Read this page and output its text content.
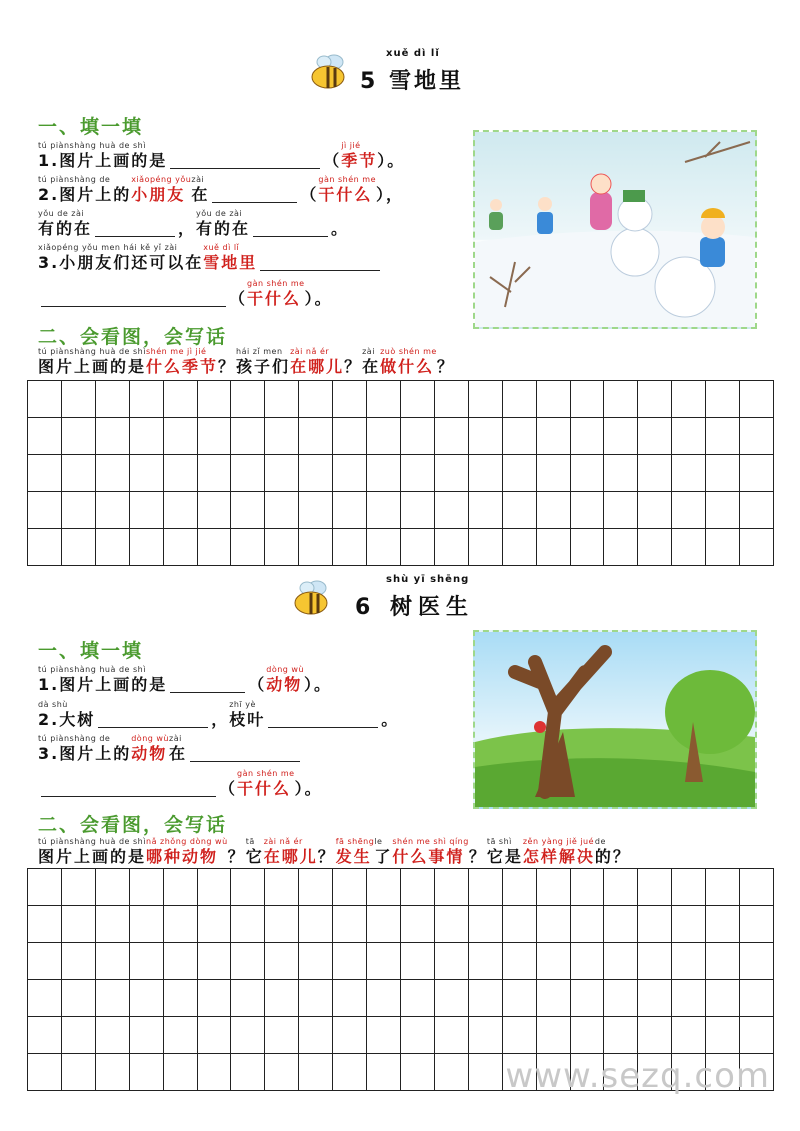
xuě dì lǐ
5 雪地里
一、填一填
tú piànshàng huà de shì
1.图片上画的是	（
jì jié
季节 ）。
tú piànshàng de
2.图片上的
xiǎopéng yǒu
小朋友
zài
在	（
gàn shén me
干什么 ），
yǒu de zài
有的在	，
yǒu de zài
有的在	。
xiǎopéng yǒu men hái kě yǐ zài
3.小朋友们还可以在
xuě dì lǐ
雪地里
（
gàn shén me
干什么 ）。
二、会看图，会写话
tú piànshàng huà de shì
图片上画的是
shén me jì jié
什么季节 ？
hái zǐ men
孩子们
zài nǎ ér
在哪儿 ？
zài
在
zuò shén me
做什么 ？
shù yī shēng
6 树医生
一、填一填
tú piànshàng huà de shì
1.图片上画的是	（
dòng wù
动物 ）。
dà shù
2.大树	，
zhī yè
枝叶	。
tú piànshàng de
3.图片上的
dòng wù
动物
zài
在
（
gàn shén me
干什么 ）。
二、会看图，会写话
tú piànshàng huà de shì
图片上画的是
nǎ zhǒng dòng wù
哪种动物 ？
tā
它
zài nǎ ér
在哪儿 ？
fā shēng
发生
le
了
shén me shì qíng
什么事情 ？
tā shì
它是
zěn yàng jiě jué
怎样解决
de
的？
www.sezq.com
